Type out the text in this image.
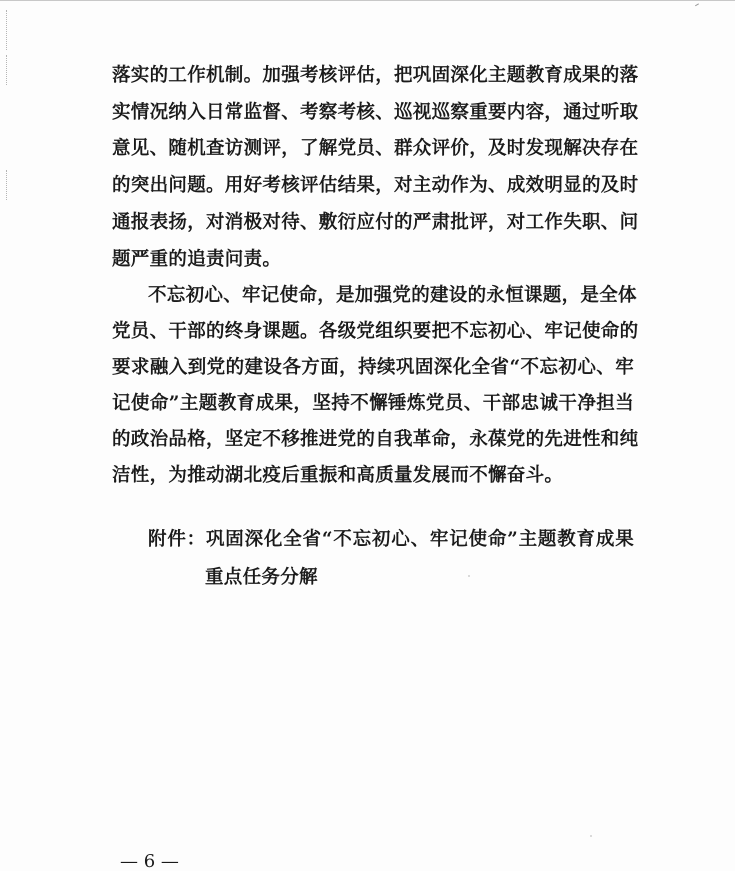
落实的工作机制。加强考核评估，把巩固深化主题教育成果的落
实情况纳入日常监督、考察考核、巡视巡察重要内容，通过听取
意见、随机查访测评，了解党员、群众评价，及时发现解决存在
的突出问题。用好考核评估结果，对主动作为、成效明显的及时
通报表扬，对消极对待、敷衍应付的严肃批评，对工作失职、问
题严重的追责问责。
不忘初心、牢记使命，是加强党的建设的永恒课题，是全体
党员、干部的终身课题。各级党组织要把不忘初心、牢记使命的
要求融入到党的建设各方面，持续巩固深化全省“不忘初心、牢
记使命”主题教育成果，坚持不懈锤炼党员、干部忠诚干净担当
的政治品格，坚定不移推进党的自我革命，永葆党的先进性和纯
洁性，为推动湖北疫后重振和高质量发展而不懈奋斗。
附件：巩固深化全省“不忘初心、牢记使命”主题教育成果
重点任务分解
— 6 —
